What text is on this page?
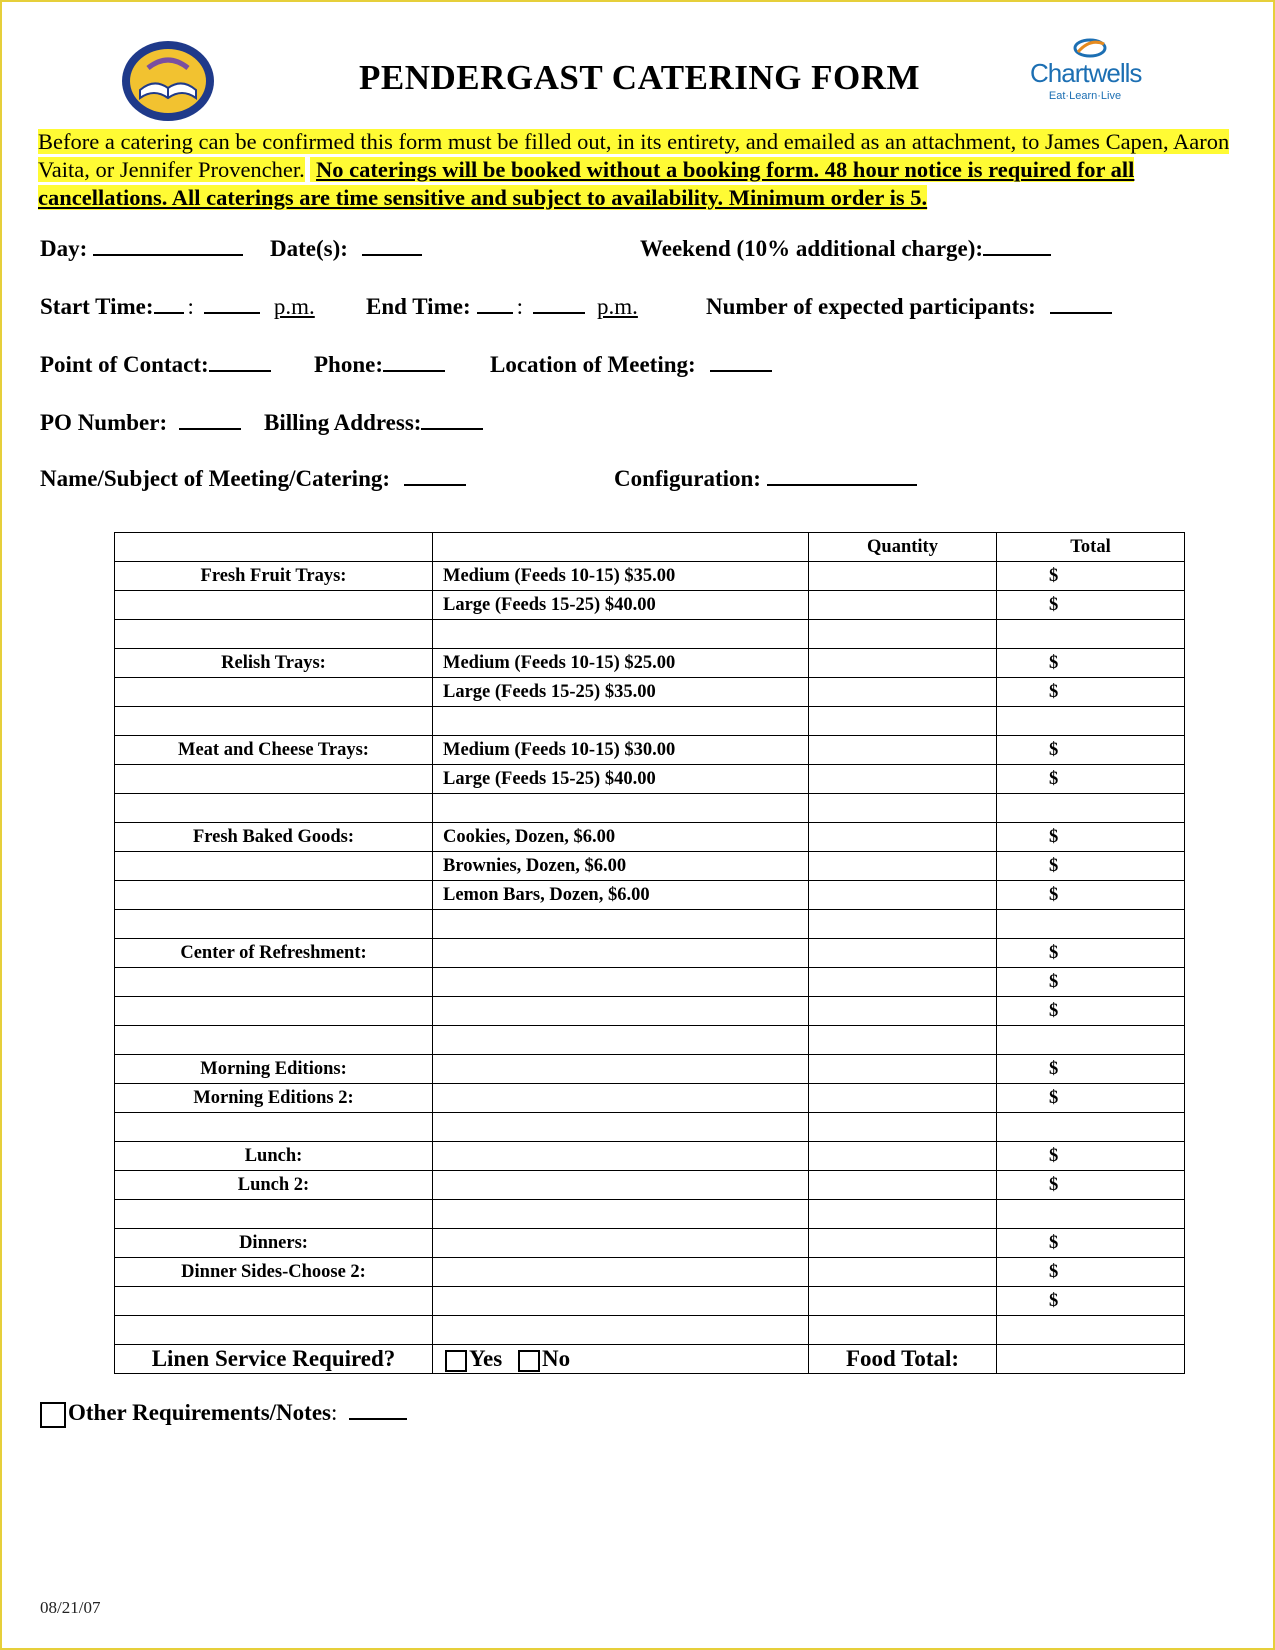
PENDERGAST CATERING FORM	Chartwells
Eat·Learn·Live
Before a catering can be confirmed this form must be filled out, in its entirety, and emailed as an attachment, to James Capen, Aaron Vaita, or Jennifer Provencher. No caterings will be booked without a booking form. 48 hour notice is required for all cancellations. All caterings are time sensitive and subject to availability. Minimum order is 5.
Day:	Date(s):	Weekend (10% additional charge):
Start Time: :	p.m. End Time: :	p.m.	Number of expected participants:
Point of Contact:	Phone:	Location of Meeting:
PO Number:	Billing Address:
Name/Subject of Meeting/Catering:	Configuration:
		Quantity	Total
Fresh Fruit Trays:	Medium (Feeds 10-15) $35.00		$
	Large (Feeds 15-25) $40.00		$

Relish Trays:	Medium (Feeds 10-15) $25.00		$
	Large (Feeds 15-25) $35.00		$

Meat and Cheese Trays:	Medium (Feeds 10-15) $30.00		$
	Large (Feeds 15-25) $40.00		$

Fresh Baked Goods:	Cookies, Dozen, $6.00		$
	Brownies, Dozen, $6.00		$
	Lemon Bars, Dozen, $6.00		$

Center of Refreshment:			$
			$
			$

Morning Editions:			$
Morning Editions 2:			$

Lunch:			$
Lunch 2:			$

Dinners:			$
Dinner Sides-Choose 2:			$
			$

Linen Service Required?	Yes No	Food Total:	
Other Requirements/Notes:
08/21/07
